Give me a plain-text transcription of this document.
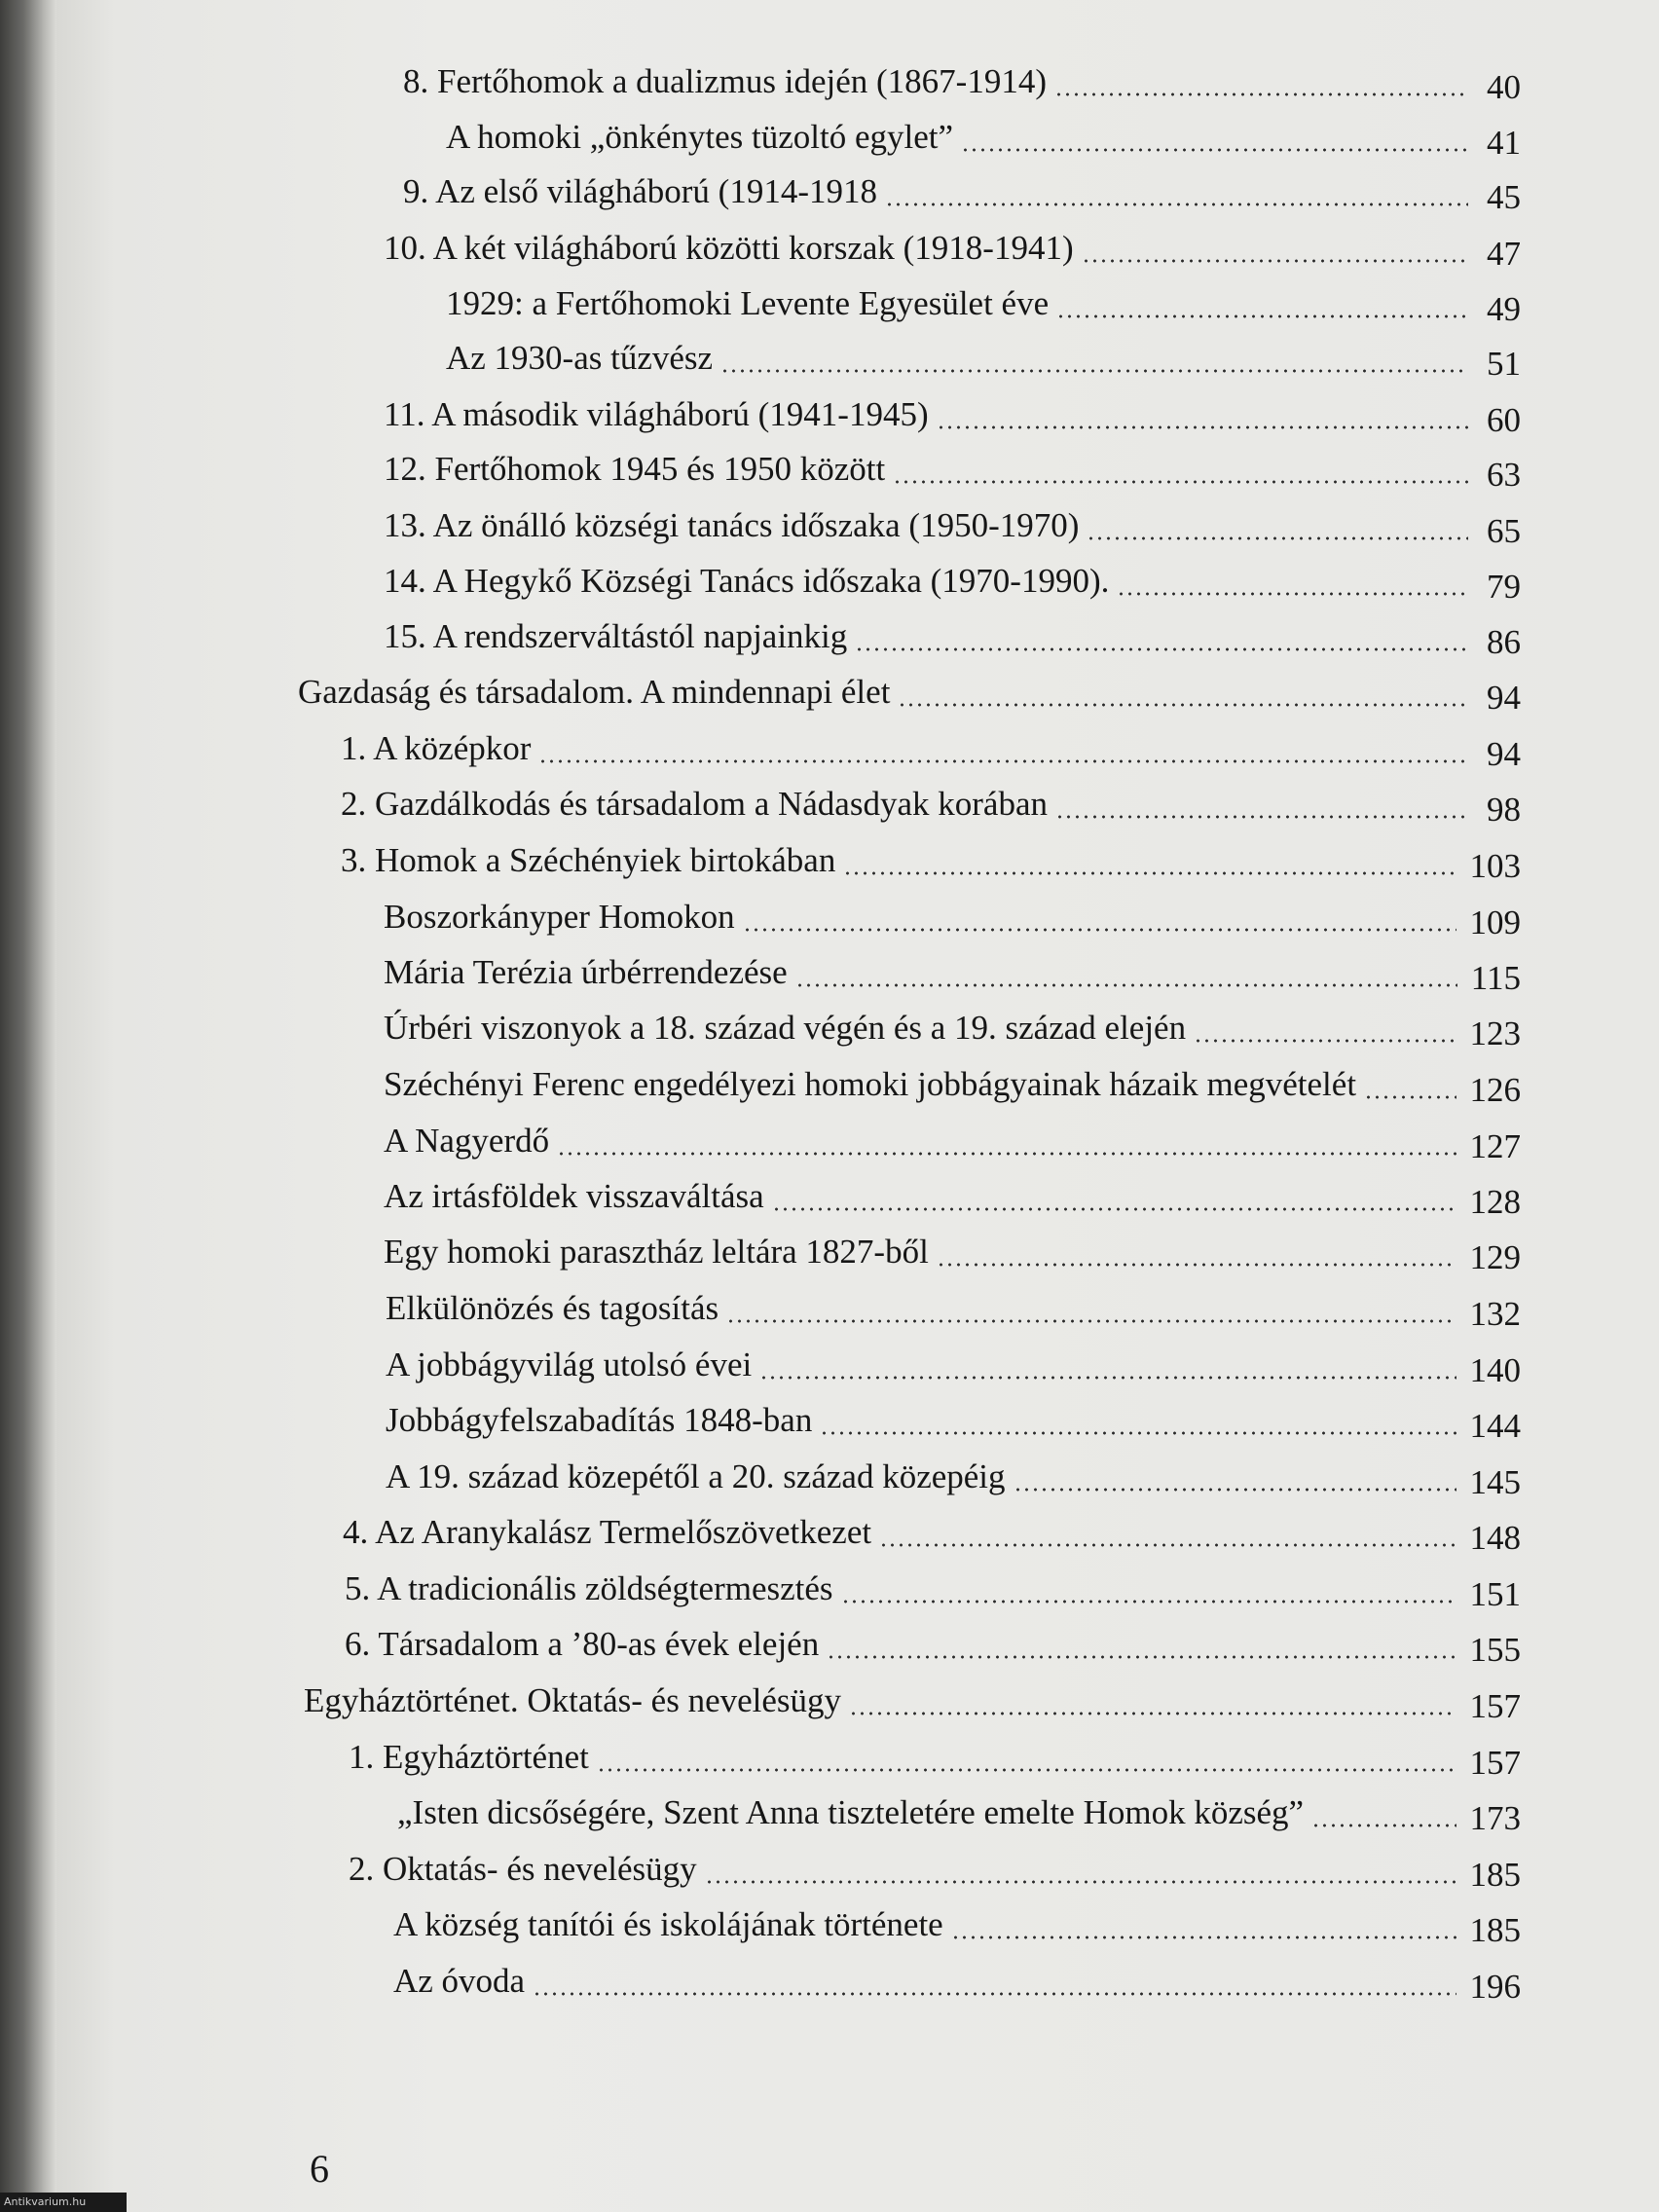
8. Fertőhomok a dualizmus idején (1867-1914)	40
A homoki „önkénytes tüzoltó egylet”	41
9. Az első világháború (1914-1918	45
10. A két világháború közötti korszak (1918-1941)	47
1929: a Fertőhomoki Levente Egyesület éve	49
Az 1930-as tűzvész	51
11. A második világháború (1941-1945)	60
12. Fertőhomok 1945 és 1950 között	63
13. Az önálló községi tanács időszaka (1950-1970)	65
14. A Hegykő Községi Tanács időszaka (1970-1990).	79
15. A rendszerváltástól napjainkig	86
Gazdaság és társadalom. A mindennapi élet	94
1. A középkor	94
2. Gazdálkodás és társadalom a Nádasdyak korában	98
3. Homok a Széchényiek birtokában	103
Boszorkányper Homokon	109
Mária Terézia úrbérrendezése	115
Úrbéri viszonyok a 18. század végén és a 19. század elején	123
Széchényi Ferenc engedélyezi homoki jobbágyainak házaik megvételét	126
A Nagyerdő	127
Az irtásföldek visszaváltása	128
Egy homoki parasztház leltára 1827-ből	129
Elkülönözés és tagosítás	132
A jobbágyvilág utolsó évei	140
Jobbágyfelszabadítás 1848-ban	144
A 19. század közepétől a 20. század közepéig	145
4. Az Aranykalász Termelőszövetkezet	148
5. A tradicionális zöldségtermesztés	151
6. Társadalom a ’80-as évek elején	155
Egyháztörténet. Oktatás- és nevelésügy	157
1. Egyháztörténet	157
„Isten dicsőségére, Szent Anna tiszteletére emelte Homok község”	173
2. Oktatás- és nevelésügy	185
A község tanítói és iskolájának története	185
Az óvoda	196
6
Antikvarium.hu
